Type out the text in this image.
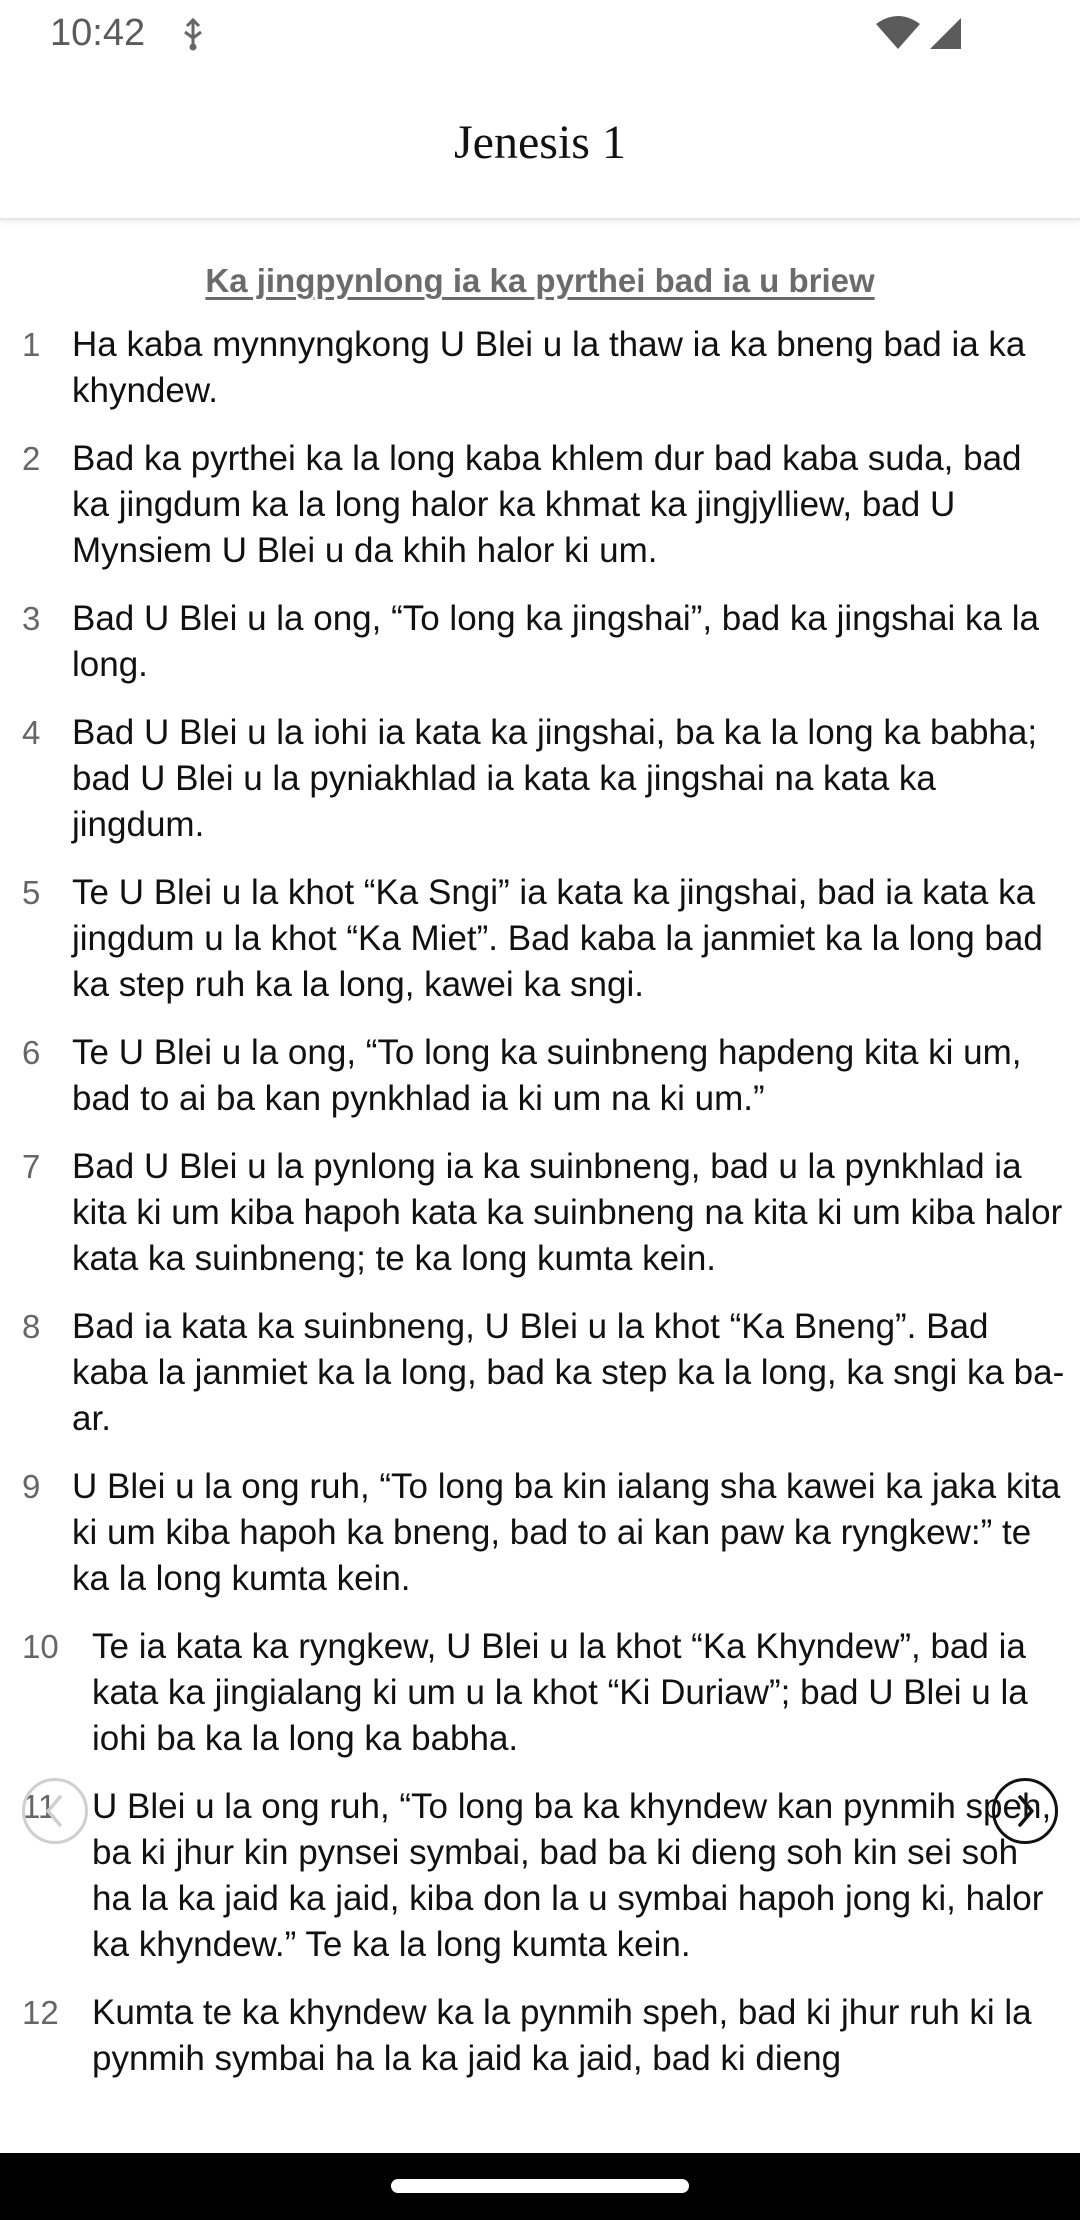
10:42
Jenesis 1
Ka jingpynlong ia ka pyrthei bad ia u briew
1 Ha kaba mynnyngkong U Blei u la thaw ia ka bneng bad ia ka khyndew.
2 Bad ka pyrthei ka la long kaba khlem dur bad kaba suda, bad ka jingdum ka la long halor ka khmat ka jingjylliew, bad U Mynsiem U Blei u da khih halor ki um.
3 Bad U Blei u la ong, “To long ka jingshai”, bad ka jingshai ka la long.
4 Bad U Blei u la iohi ia kata ka jingshai, ba ka la long ka babha; bad U Blei u la pyniakhlad ia kata ka jingshai na kata ka jingdum.
5 Te U Blei u la khot “Ka Sngi” ia kata ka jingshai, bad ia kata ka jingdum u la khot “Ka Miet”. Bad kaba la janmiet ka la long bad ka step ruh ka la long, kawei ka sngi.
6 Te U Blei u la ong, “To long ka suinbneng hapdeng kita ki um, bad to ai ba kan pynkhlad ia ki um na ki um.”
7 Bad U Blei u la pynlong ia ka suinbneng, bad u la pynkhlad ia kita ki um kiba hapoh kata ka suinbneng na kita ki um kiba halor kata ka suinbneng; te ka long kumta kein.
8 Bad ia kata ka suinbneng, U Blei u la khot “Ka Bneng”. Bad kaba la janmiet ka la long, bad ka step ka la long, ka sngi ka ba-ar.
9 U Blei u la ong ruh, “To long ba kin ialang sha kawei ka jaka kita ki um kiba hapoh ka bneng, bad to ai kan paw ka ryngkew:” te ka la long kumta kein.
10 Te ia kata ka ryngkew, U Blei u la khot “Ka Khyndew”, bad ia kata ka jingialang ki um u la khot “Ki Duriaw”; bad U Blei u la iohi ba ka la long ka babha.
11	U Blei u la ong ruh, “To long ba ka khyndew kan pynmih speh, ba ki jhur kin pynsei symbai, bad ba ki dieng soh kin sei soh ha la ka jaid ka jaid, kiba don la u symbai hapoh jong ki, halor ka khyndew.” Te ka la long kumta kein.
12 Kumta te ka khyndew ka la pynmih speh, bad ki jhur ruh ki la pynmih symbai ha la ka jaid ka jaid, bad ki dieng
